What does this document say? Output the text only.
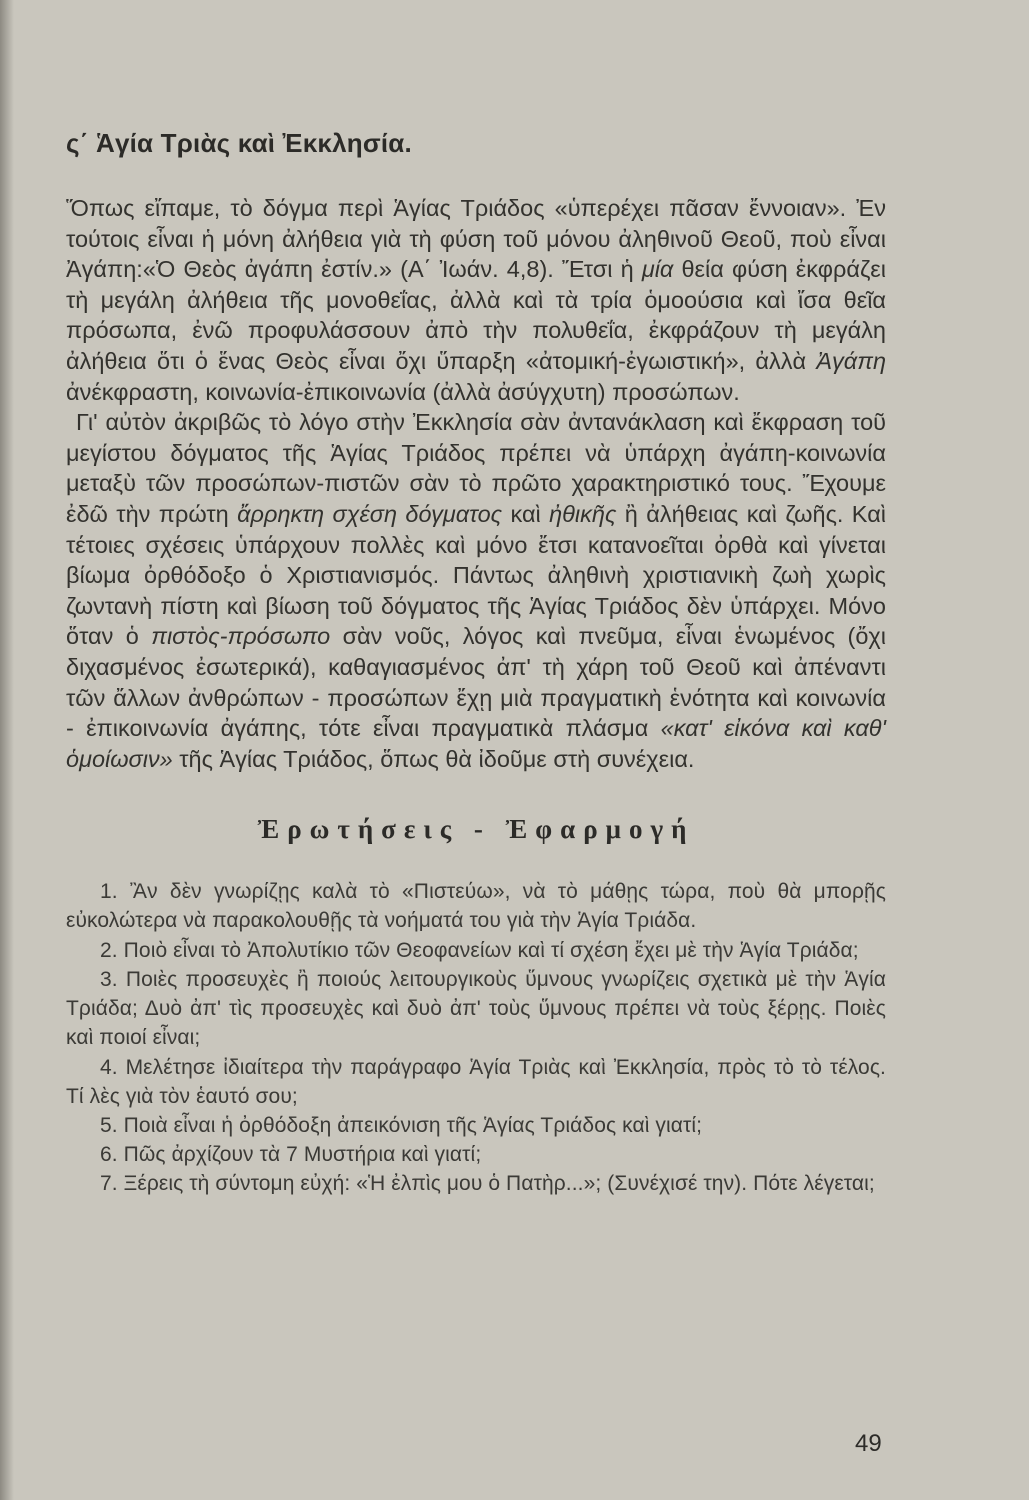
ς΄ Ἁγία Τριὰς καὶ Ἐκκλησία.

Ὅπως εἴπαμε, τὸ δόγμα περὶ Ἁγίας Τριάδος «ὑπερέχει πᾶσαν ἔννοιαν». Ἐν τούτοις εἶναι ἡ μόνη ἀλήθεια γιὰ τὴ φύση τοῦ μόνου ἀληθινοῦ Θεοῦ, ποὺ εἶναι Ἀγάπη:«Ὁ Θεὸς ἀγάπη ἐστίν.» (Α΄ Ἰωάν. 4,8). Ἔτσι ἡ μία θεία φύση ἐκφράζει τὴ μεγάλη ἀλήθεια τῆς μονοθεΐας, ἀλλὰ καὶ τὰ τρία ὁμοούσια καὶ ἴσα θεῖα πρόσωπα, ἐνῶ προφυλάσσουν ἀπὸ τὴν πολυθεΐα, ἐκφράζουν τὴ μεγάλη ἀλήθεια ὅτι ὁ ἕνας Θεὸς εἶναι ὄχι ὕπαρξη «ἀτομική-ἐγωιστική», ἀλλὰ Ἀγάπη ἀνέκφραστη, κοινωνία-ἐπικοινωνία (ἀλλὰ ἀσύγχυτη) προσώπων.

Γι' αὐτὸν ἀκριβῶς τὸ λόγο στὴν Ἐκκλησία σὰν ἀντανάκλαση καὶ ἔκφραση τοῦ μεγίστου δόγματος τῆς Ἁγίας Τριάδος πρέπει νὰ ὑπάρχη ἀγάπη-κοινωνία μεταξὺ τῶν προσώπων-πιστῶν σὰν τὸ πρῶτο χαρακτηριστικό τους. Ἔχουμε ἐδῶ τὴν πρώτη ἄρρηκτη σχέση δόγματος καὶ ἠθικῆς ἢ ἀλήθειας καὶ ζωῆς. Καὶ τέτοιες σχέσεις ὑπάρχουν πολλὲς καὶ μόνο ἔτσι κατανοεῖται ὀρθὰ καὶ γίνεται βίωμα ὀρθόδοξο ὁ Χριστιανισμός. Πάντως ἀληθινὴ χριστιανικὴ ζωὴ χωρὶς ζωντανὴ πίστη καὶ βίωση τοῦ δόγματος τῆς Ἁγίας Τριάδος δὲν ὑπάρχει. Μόνο ὅταν ὁ πιστὸς-πρόσωπο σὰν νοῦς, λόγος καὶ πνεῦμα, εἶναι ἑνωμένος (ὄχι διχασμένος ἐσωτερικά), καθαγιασμένος ἀπ' τὴ χάρη τοῦ Θεοῦ καὶ ἀπέναντι τῶν ἄλλων ἀνθρώπων - προσώπων ἔχῃ μιὰ πραγματικὴ ἑνότητα καὶ κοινωνία - ἐπικοινωνία ἀγάπης, τότε εἶναι πραγματικὰ πλάσμα «κατ' εἰκόνα καὶ καθ' ὁμοίωσιν» τῆς Ἁγίας Τριάδος, ὅπως θὰ ἰδοῦμε στὴ συνέχεια.

Ἐρωτήσεις - Ἐφαρμογή

1. Ἂν δὲν γνωρίζῃς καλὰ τὸ «Πιστεύω», νὰ τὸ μάθῃς τώρα, ποὺ θὰ μπορῇς εὐκολώτερα νὰ παρακολουθῇς τὰ νοήματά του γιὰ τὴν Ἁγία Τριάδα.

2. Ποιὸ εἶναι τὸ Ἀπολυτίκιο τῶν Θεοφανείων καὶ τί σχέση ἔχει μὲ τὴν Ἁγία Τριάδα;

3. Ποιὲς προσευχὲς ἢ ποιούς λειτουργικοὺς ὕμνους γνωρίζεις σχετικὰ μὲ τὴν Ἁγία Τριάδα; Δυὸ ἀπ' τὶς προσευχὲς καὶ δυὸ ἀπ' τοὺς ὕμνους πρέπει νὰ τοὺς ξέρῃς. Ποιὲς καὶ ποιοί εἶναι;

4. Μελέτησε ἰδιαίτερα τὴν παράγραφο Ἁγία Τριὰς καὶ Ἐκκλησία, πρὸς τὸ τὸ τέλος. Τί λὲς γιὰ τὸν ἑαυτό σου;

5. Ποιὰ εἶναι ἡ ὀρθόδοξη ἀπεικόνιση τῆς Ἁγίας Τριάδος καὶ γιατί;

6. Πῶς ἀρχίζουν τὰ 7 Μυστήρια καὶ γιατί;

7. Ξέρεις τὴ σύντομη εὐχή: «Ἡ ἐλπὶς μου ὁ Πατὴρ...»; (Συνέχισέ την). Πότε λέγεται;

49
